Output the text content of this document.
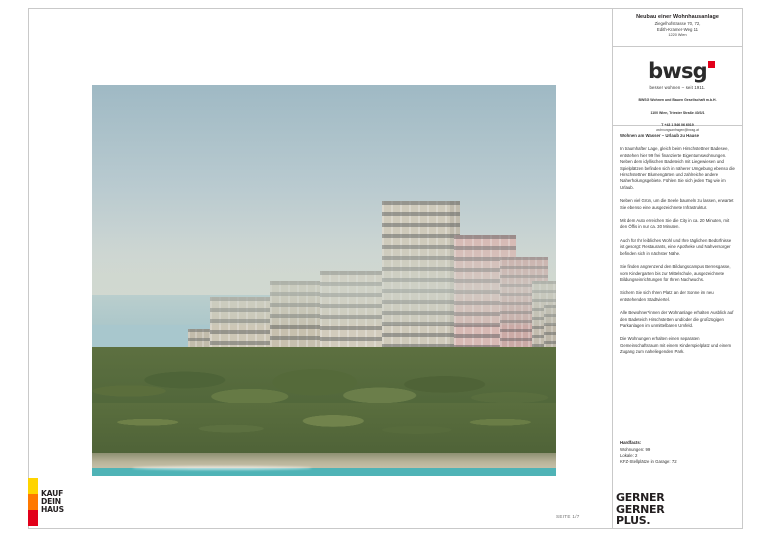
Neubau einer Wohnhausanlage
Ziegelhofstrasse 70, 72,
Edith-Kramer-Weg 11
1220 Wien
bwsg
besser wohnen – seit 1911.
BWSG Wohnen und Bauen Gesellschaft m.b.H.
1100 Wien, Triester Straße 40/3/1
T +43 1 546 06 6019
wohnungsanfragen@bwsg.at

Wohnen am Wasser – Urlaub zu Hause

In traumhafter Lage, gleich beim Hirschstettner Badesee, entstehen hier 99 frei finanzierte Eigentumswohnungen. Neben dem idyllischen Badeteich mit Liegewiesen und Spielplätzen befinden sich in näherer Umgebung ebenso die Hirschstettner Blumengärten und zahlreiche andere Naherholungsgebiete. Fühlen Sie sich jeden Tag wie im Urlaub.

Neben viel Grün, um die Seele baumeln zu lassen, erwartet Sie ebenso eine ausgezeichnete Infrastruktur.

Mit dem Auto erreichen Sie die City in ca. 20 Minuten, mit den Öffis in nur ca. 30 Minuten.

Auch für Ihr leibliches Wohl und Ihre täglichen Bedürfnisse ist gesorgt: Restaurants, eine Apotheke und Nahversorger befinden sich in nächster Nähe.

Sie finden angrenzend den Bildungscampus Berresgasse, vom Kindergarten bis zur Mittelschule, ausgezeichnete Bildungseinrichtungen für Ihren Nachwuchs.

Sichern Sie sich Ihren Platz an der Sonne im neu entstehenden Stadtviertel.

Alle Bewohner*innen der Wohnanlage erhalten Ausblick auf den Badeteich Hirschstetten und/oder die großzügigen Parkanlagen im unmittelbaren Umfeld.

Die Wohnungen erhalten einen separaten Gemeinschaftsraum mit einem Kinderspielplatz und einem Zugang zum naheliegenden Park.

Hardfacts:
Wohnungen: 99
Lokale: 2
KFZ-Stellplätze in Garage: 72
GERNER
GERNER
PLUS.
SEITE 1/7
KAUF
DEIN
HAUS
